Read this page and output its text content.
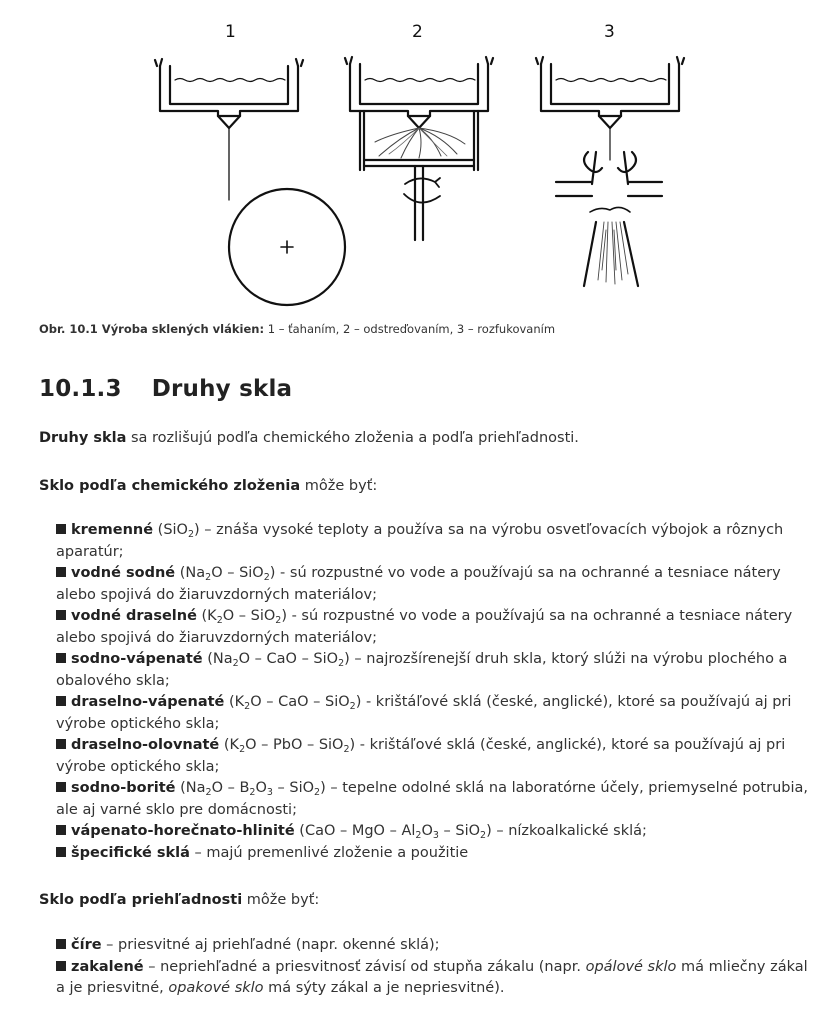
1	2	3
Obr. 10.1 Výroba sklených vlákien: 1 – ťahaním, 2 – odstreďovaním, 3 – rozfukovaním
10.1.3 Druhy skla
Druhy skla sa rozlišujú podľa chemického zloženia a podľa priehľadnosti.
Sklo podľa chemického zloženia môže byť:
kremenné (SiO$_2$) – znáša vysoké teploty a používa sa na výrobu osvetľovacích výbojok a rôznych aparatúr;
vodné sodné $(Na_2O - SiO_2)$ - sú rozpustné vo vode a používajú sa na ochranné a tesniace nátery alebo spojivá do žiaruvzdorných materiálov;
vodné draselné $(K_2O - SiO_2)$ - sú rozpustné vo vode a používajú sa na ochranné a tesniace nátery alebo spojivá do žiaruvzdorných materiálov;
sodno-vápenaté ($Na_2O$ – CaO – SiO$_2$) – najrozšírenejší druh skla, ktorý slúži na výrobu plochého a obalového skla;
draselno-vápenaté ($K_2O$ – CaO – SiO$_2$) - krištáľové sklá (české, anglické), ktoré sa používajú aj pri výrobe optického skla;
draselno-olovnaté ($K_2O$ – PbO – SiO$_2$) - krištáľové sklá (české, anglické), ktoré sa používajú aj pri výrobe optického skla;
sodno-borité $(Na_2O - B_2O_3 - SiO_2)$ – tepelne odolné sklá na laboratórne účely, priemyselné potrubia, ale aj varné sklo pre domácnosti;
vápenato-horečnato-hlinité (CaO – MgO – $Al_2O_3 - SiO_2$) – nízkoalkalické sklá;
špecifické sklá – majú premenlivé zloženie a použitie
Sklo podľa priehľadnosti môže byť:
číre – priesvitné aj priehľadné (napr. okenné sklá);
zakalené – nepriehľadné a priesvitnosť závisí od stupňa zákalu (napr. opálové sklo má mliečny zákal a je priesvitné, opakové sklo má sýty zákal a je nepriesvitné).
